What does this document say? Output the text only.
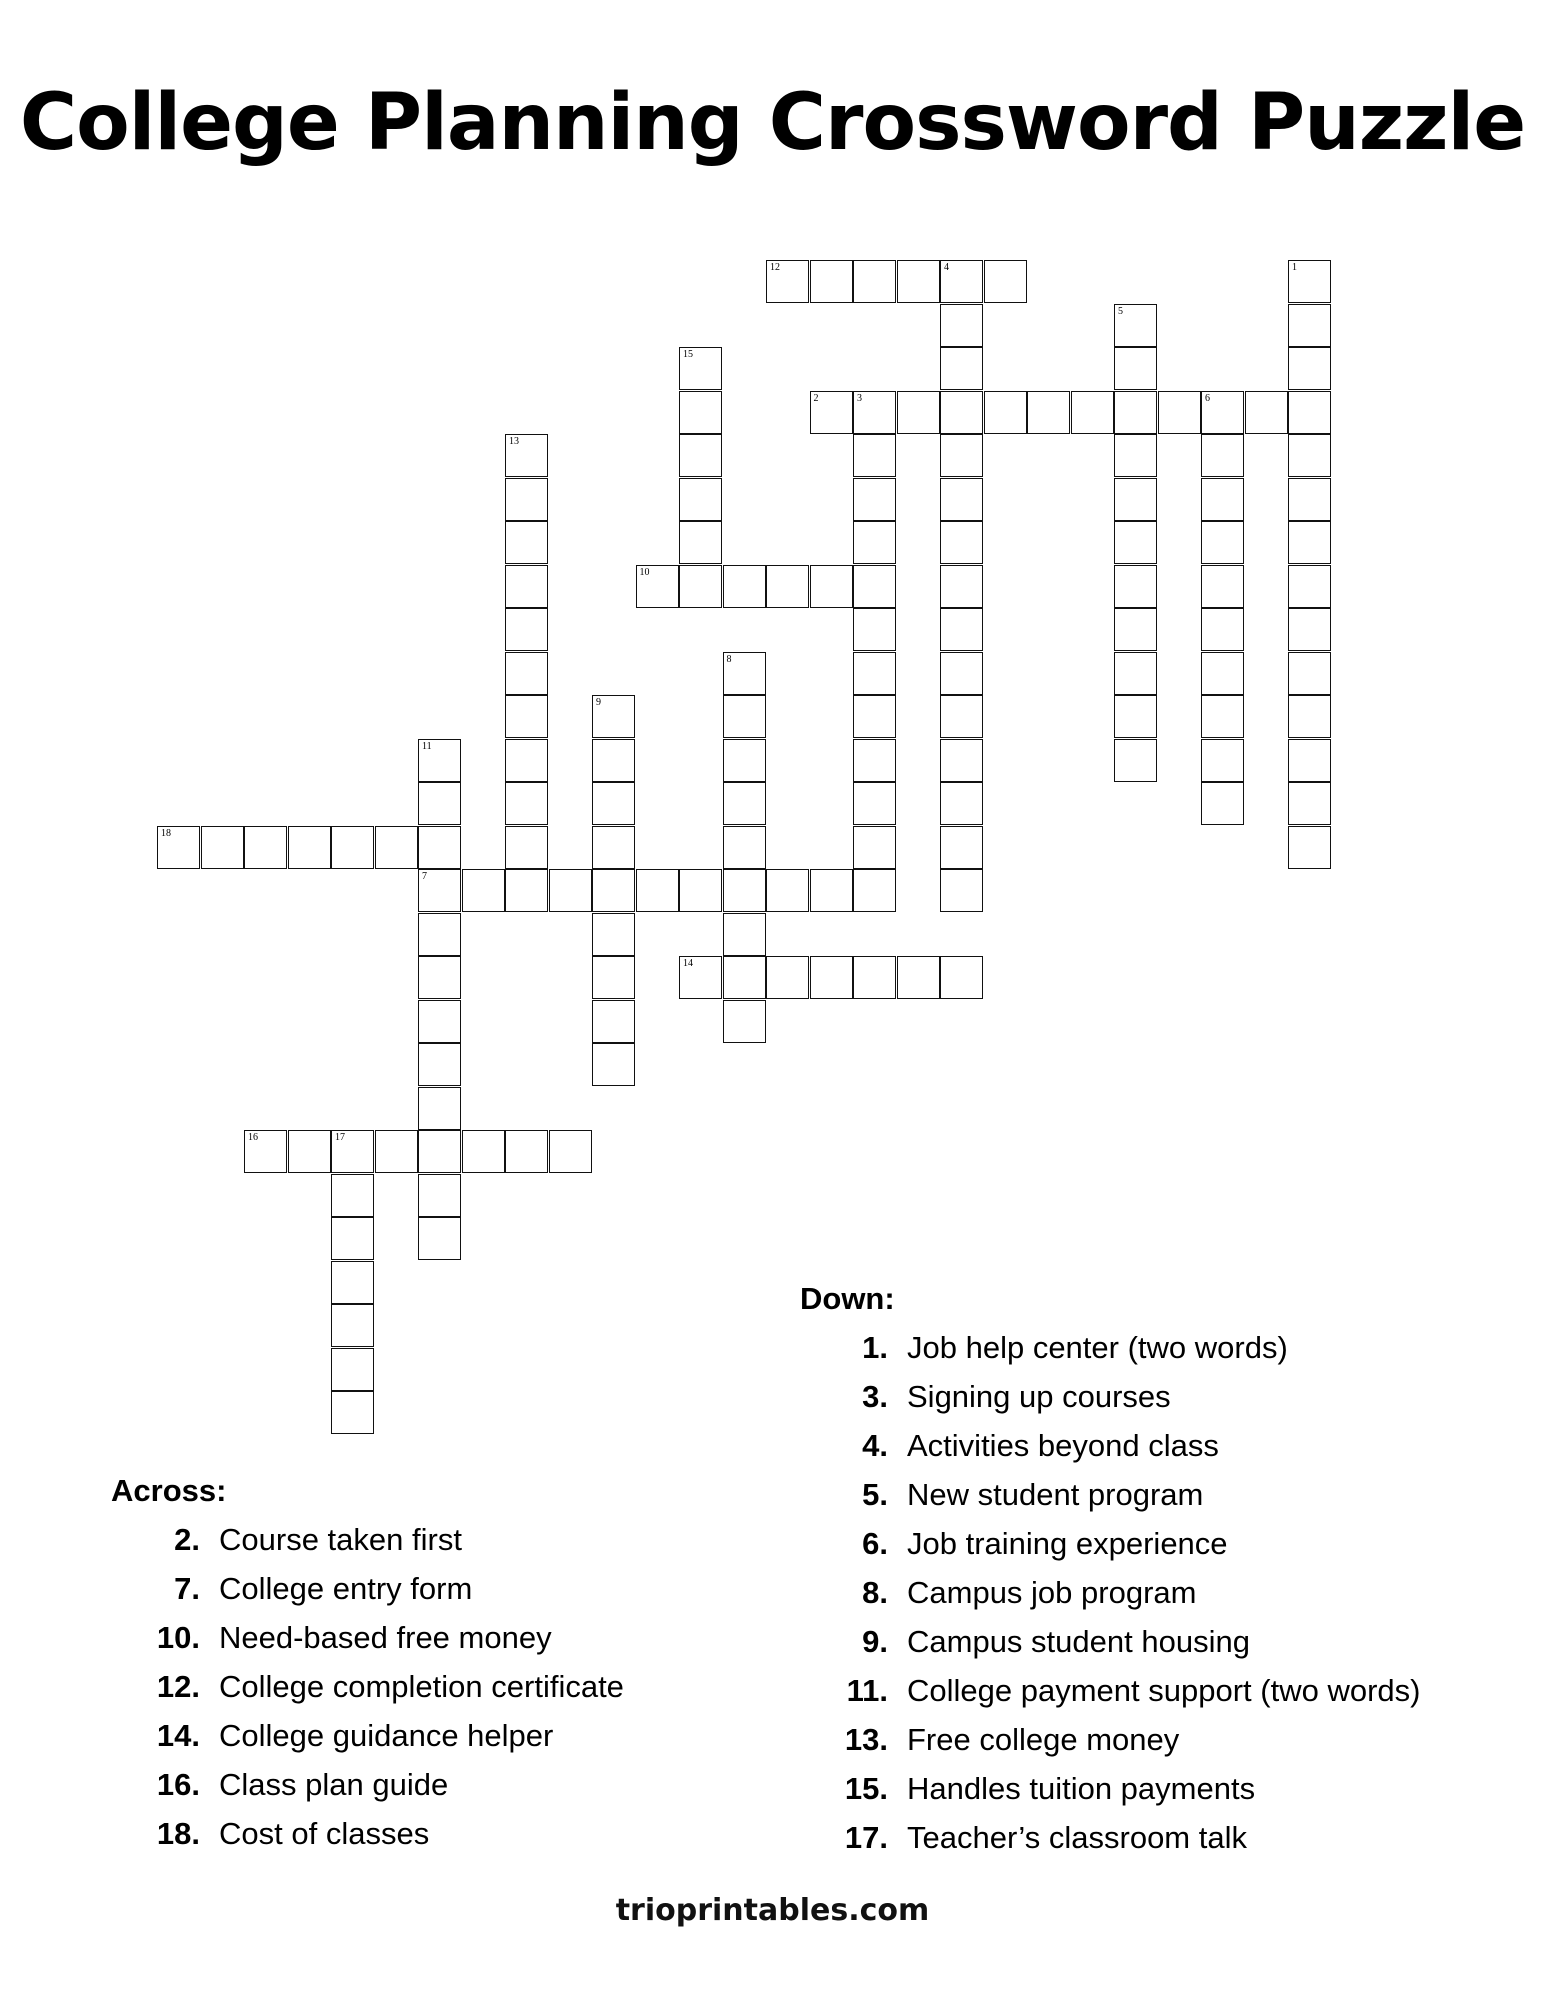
College Planning Crossword Puzzle
12	4	1
5
15
2	3	6
13
10
8
9
11
7
18
14
16	17
Across:
2. Course taken first
7. College entry form
10. Need-based free money
12. College completion certificate
14. College guidance helper
16. Class plan guide
18. Cost of classes
Down:
1. Job help center (two words)
3. Signing up courses
4. Activities beyond class
5. New student program
6. Job training experience
8. Campus job program
9. Campus student housing
11. College payment support (two words)
13. Free college money
15. Handles tuition payments
17. Teacher’s classroom talk
trioprintables.com
